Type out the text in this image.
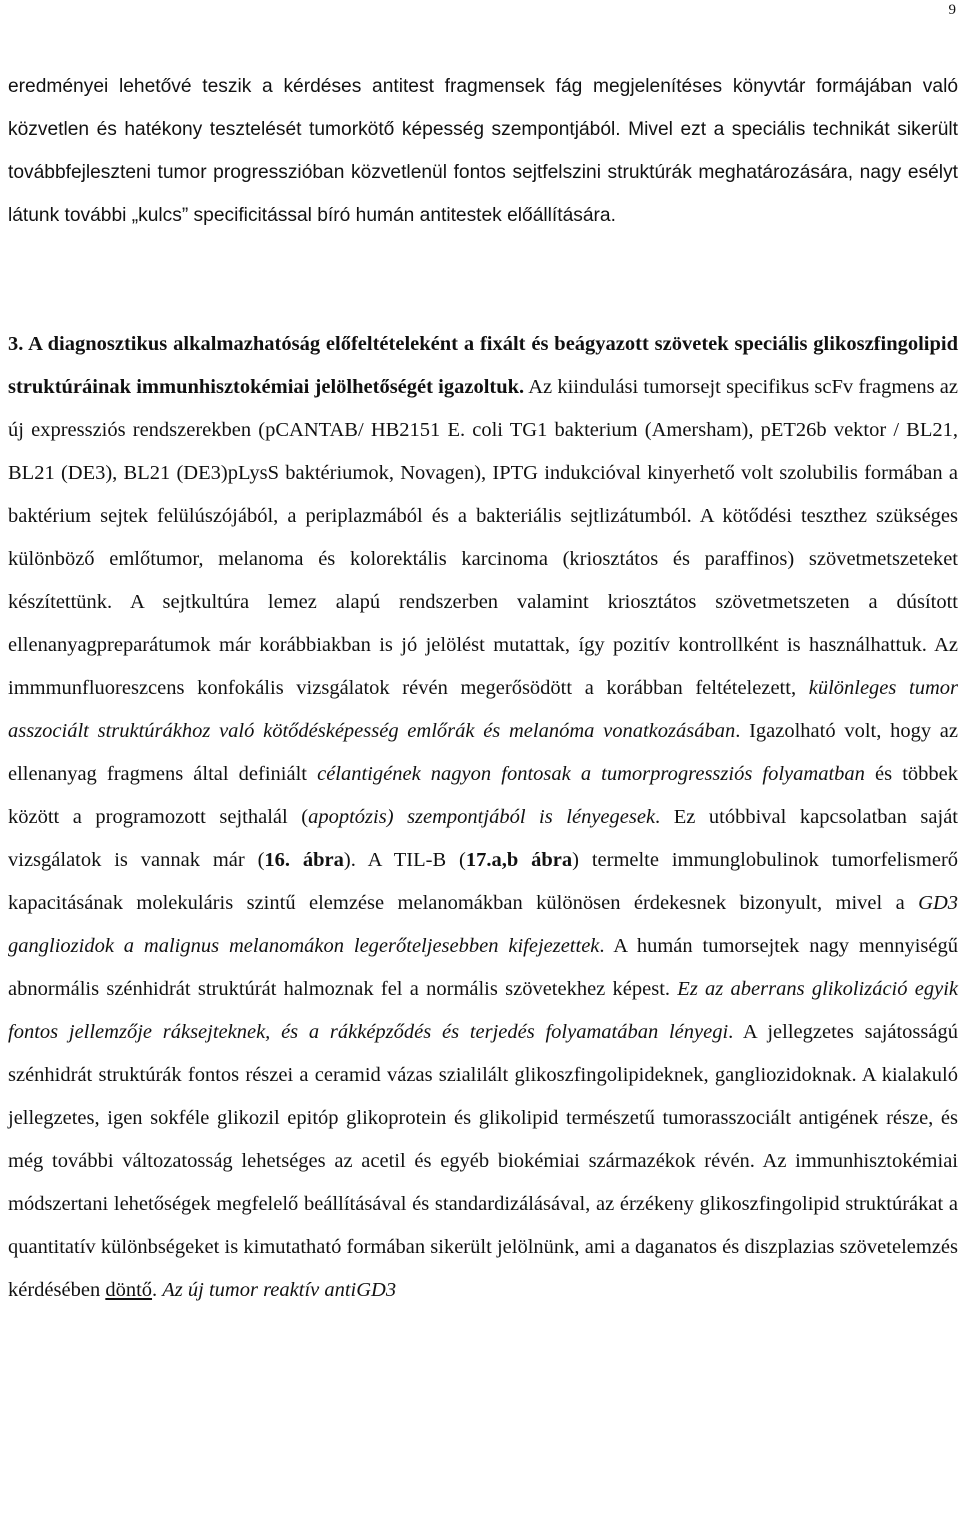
9

eredményei lehetővé teszik a kérdéses antitest fragmensek fág megjelenítéses könyvtár formájában való közvetlen és hatékony tesztelését tumorkötő képesség szempontjából. Mivel ezt a speciális technikát sikerült továbbfejleszteni tumor progresszióban közvetlenül fontos sejtfelszini struktúrák meghatározására, nagy esélyt látunk további „kulcs” specificitással bíró humán antitestek előállítására.

3. A diagnosztikus alkalmazhatóság előfeltételeként a fixált és beágyazott szövetek speciális glikoszfingolipid struktúráinak immunhisztokémiai jelölhetőségét igazoltuk. Az kiindulási tumorsejt specifikus scFv fragmens az új expressziós rendszerekben (pCANTAB/ HB2151 E. coli TG1 bakterium (Amersham), pET26b vektor / BL21, BL21 (DE3), BL21 (DE3)pLysS baktériumok, Novagen), IPTG indukcióval kinyerhető volt szolubilis formában a baktérium sejtek felülúszójából, a periplazmából és a bakteriális sejtlizátumból. A kötődési teszthez szükséges különböző emlőtumor, melanoma és kolorektális karcinoma (kriosztátos és paraffinos) szövetmetszeteket készítettünk. A sejtkultúra lemez alapú rendszerben valamint kriosztátos szövetmetszeten a dúsított ellenanyagpreparátumok már korábbiakban is jó jelölést mutattak, így pozitív kontrollként is használhattuk. Az immmunfluoreszcens konfokális vizsgálatok révén megerősödött a korábban feltételezett, különleges tumor asszociált struktúrákhoz való kötődésképesség emlőrák és melanóma vonatkozásában. Igazolható volt, hogy az ellenanyag fragmens által definiált célantigének nagyon fontosak a tumorprogressziós folyamatban és többek között a programozott sejthalál (apoptózis) szempontjából is lényegesek. Ez utóbbival kapcsolatban saját vizsgálatok is vannak már (16. ábra). A TIL-B (17.a,b ábra) termelte immunglobulinok tumorfelismerő kapacitásának molekuláris szintű elemzése melanomákban különösen érdekesnek bizonyult, mivel a GD3 gangliozidok a malignus melanomákon legerőteljesebben kifejezettek. A humán tumorsejtek nagy mennyiségű abnormális szénhidrát struktúrát halmoznak fel a normális szövetekhez képest. Ez az aberrans glikolizáció egyik fontos jellemzője ráksejteknek, és a rákképződés és terjedés folyamatában lényegi. A jellegzetes sajátosságú szénhidrát struktúrák fontos részei a ceramid vázas szialilált glikoszfingolipideknek, gangliozidoknak. A kialakuló jellegzetes, igen sokféle glikozil epitóp glikoprotein és glikolipid természetű tumorasszociált antigének része, és még további változatosság lehetséges az acetil és egyéb biokémiai származékok révén. Az immunhisztokémiai módszertani lehetőségek megfelelő beállításával és standardizálásával, az érzékeny glikoszfingolipid struktúrákat a quantitatív különbségeket is kimutatható formában sikerült jelölnünk, ami a daganatos és diszplazias szövetelemzés kérdésében döntő. Az új tumor reaktív antiGD3
